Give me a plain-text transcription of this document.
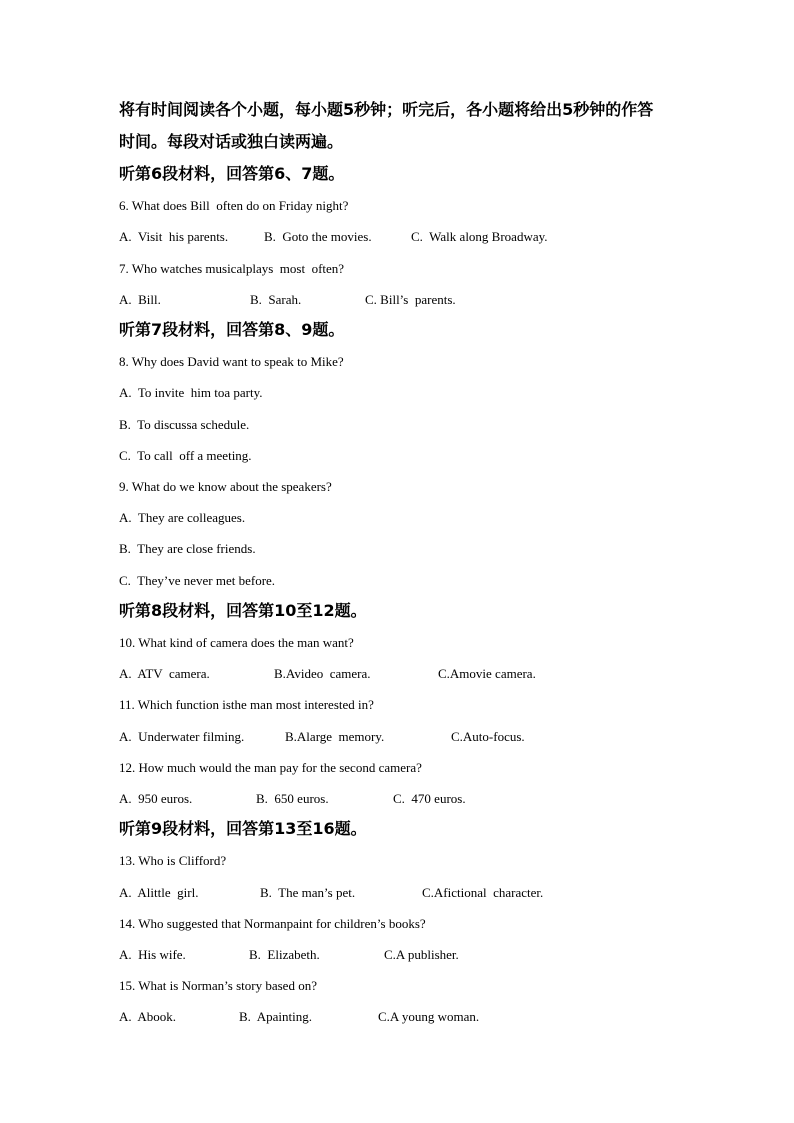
将有时间阅读各个小题，每小题5秒钟；听完后，各小题将给出5秒钟的作答
时间。每段对话或独白读两遍。
听第6段材料，回答第6、7题。
6. What does Bill  often do on Friday night?
A.  Visit  his parents.	B.  Goto the movies.	C.  Walk along Broadway.
7. Who watches musicalplays  most  often?
A.  Bill.	B.  Sarah.	C. Bill’s  parents.
听第7段材料，回答第8、9题。
8. Why does David want to speak to Mike?
A.  To invite  him toa party.
B.  To discussa schedule.
C.  To call  off a meeting.
9. What do we know about the speakers?
A.  They are colleagues.
B.  They are close friends.
C.  They’ve never met before.
听第8段材料，回答第10至12题。
10. What kind of camera does the man want?
A.  ATV  camera.	B.Avideo  camera.	C.Amovie camera.
11. Which function isthe man most interested in?
A.  Underwater filming.	B.Alarge  memory.	C.Auto-focus.
12. How much would the man pay for the second camera?
A.  950 euros.	B.  650 euros.	C.  470 euros.
听第9段材料，回答第13至16题。
13. Who is Clifford?
A.  Alittle  girl.	B.  The man’s pet.	C.Afictional  character.
14. Who suggested that Normanpaint for children’s books?
A.  His wife.	B.  Elizabeth.	C.A publisher.
15. What is Norman’s story based on?
A.  Abook.	B.  Apainting.	C.A young woman.
